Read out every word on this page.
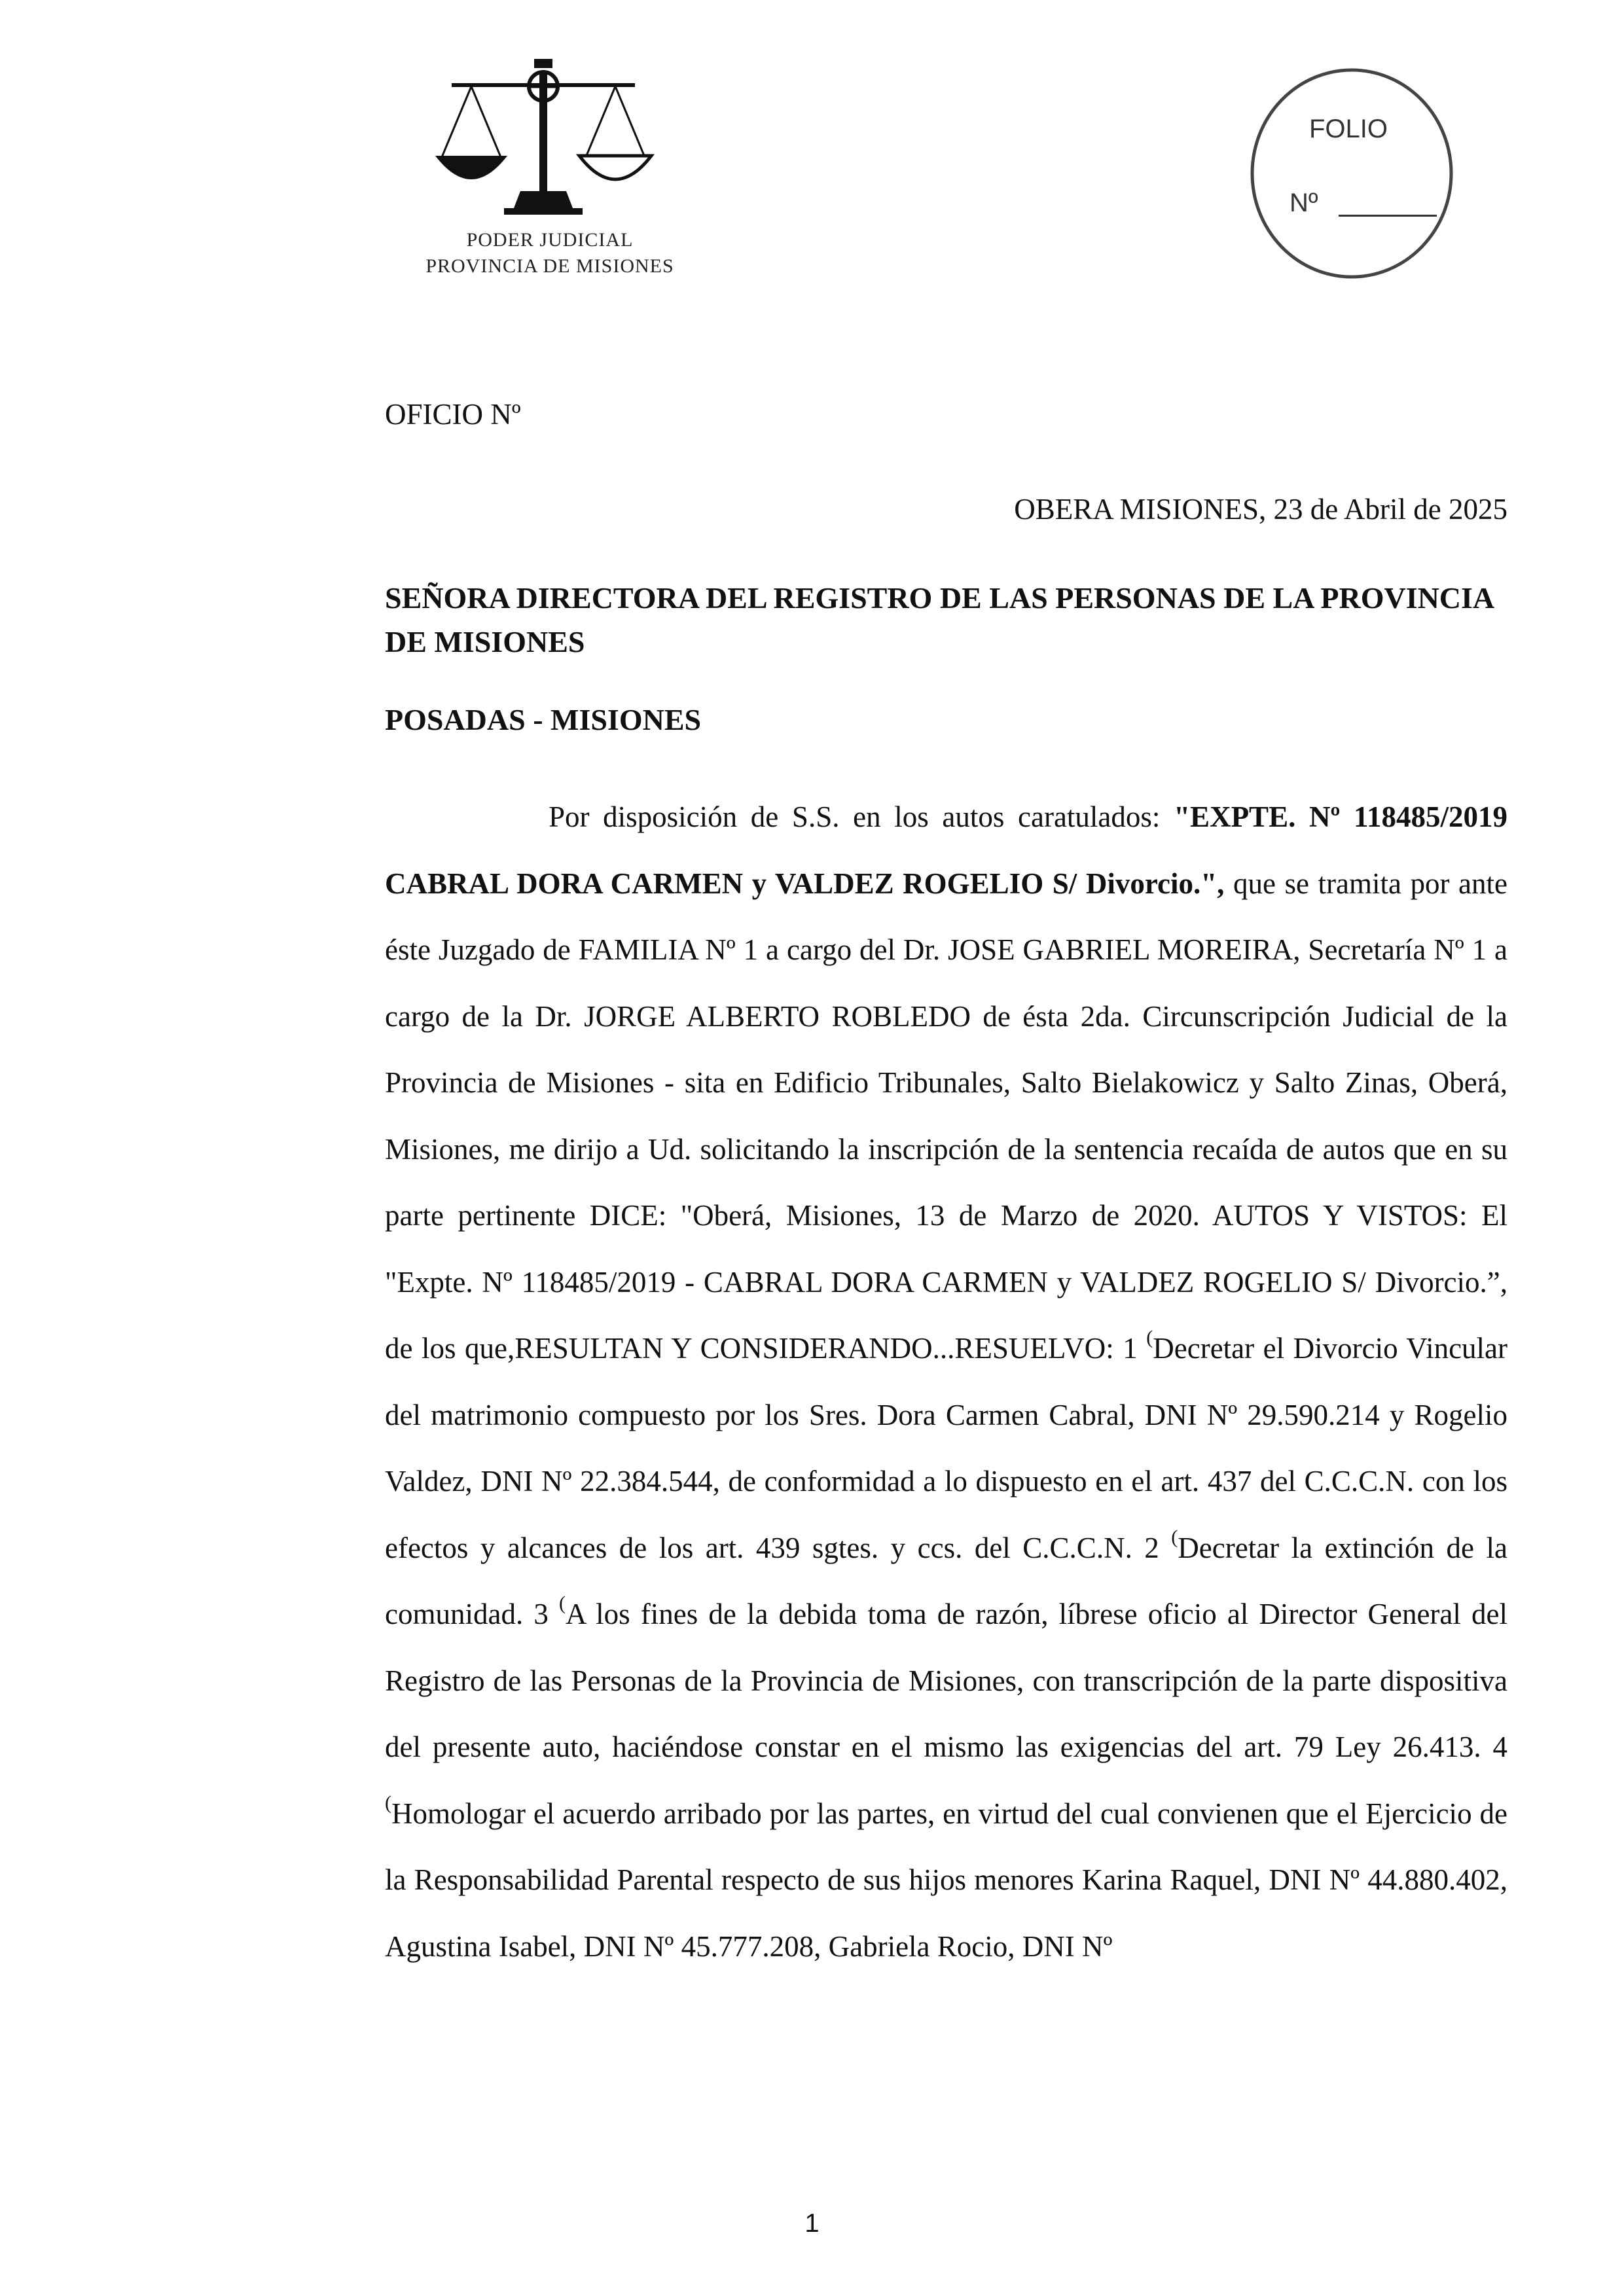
PODER JUDICIAL
PROVINCIA DE MISIONES
FOLIO
Nº
OFICIO Nº
OBERA MISIONES, 23 de Abril de 2025
SEÑORA DIRECTORA DEL REGISTRO DE LAS PERSONAS DE LA PROVINCIA DE MISIONES
POSADAS - MISIONES

Por disposición de S.S. en los autos caratulados: "EXPTE. Nº 118485/2019 CABRAL DORA CARMEN y VALDEZ ROGELIO S/ Divorcio.", que se tramita por ante éste Juzgado de FAMILIA Nº 1 a cargo del Dr. JOSE GABRIEL MOREIRA, Secretaría Nº 1 a cargo de la Dr. JORGE ALBERTO ROBLEDO de ésta 2da. Circunscripción Judicial de la Provincia de Misiones - sita en Edificio Tribunales, Salto Bielakowicz y Salto Zinas, Oberá, Misiones, me dirijo a Ud. solicitando la inscripción de la sentencia recaída de autos que en su parte pertinente DICE: "Oberá, Misiones, 13 de Marzo de 2020. AUTOS Y VISTOS: El "Expte. Nº 118485/2019 - CABRAL DORA CARMEN y VALDEZ ROGELIO S/ Divorcio.”, de los que,RESULTAN Y CONSIDERANDO...RESUELVO: 1 (Decretar el Divorcio Vincular del matrimonio compuesto por los Sres. Dora Carmen Cabral, DNI Nº 29.590.214 y Rogelio Valdez, DNI Nº 22.384.544, de conformidad a lo dispuesto en el art. 437 del C.C.C.N. con los efectos y alcances de los art. 439 sgtes. y ccs. del C.C.C.N. 2 (Decretar la extinción de la comunidad. 3 (A los fines de la debida toma de razón, líbrese oficio al Director General del Registro de las Personas de la Provincia de Misiones, con transcripción de la parte dispositiva del presente auto, haciéndose constar en el mismo las exigencias del art. 79 Ley 26.413. 4 (Homologar el acuerdo arribado por las partes, en virtud del cual convienen que el Ejercicio de la Responsabilidad Parental respecto de sus hijos menores Karina Raquel, DNI Nº 44.880.402, Agustina Isabel, DNI Nº 45.777.208, Gabriela Rocio, DNI Nº

1
